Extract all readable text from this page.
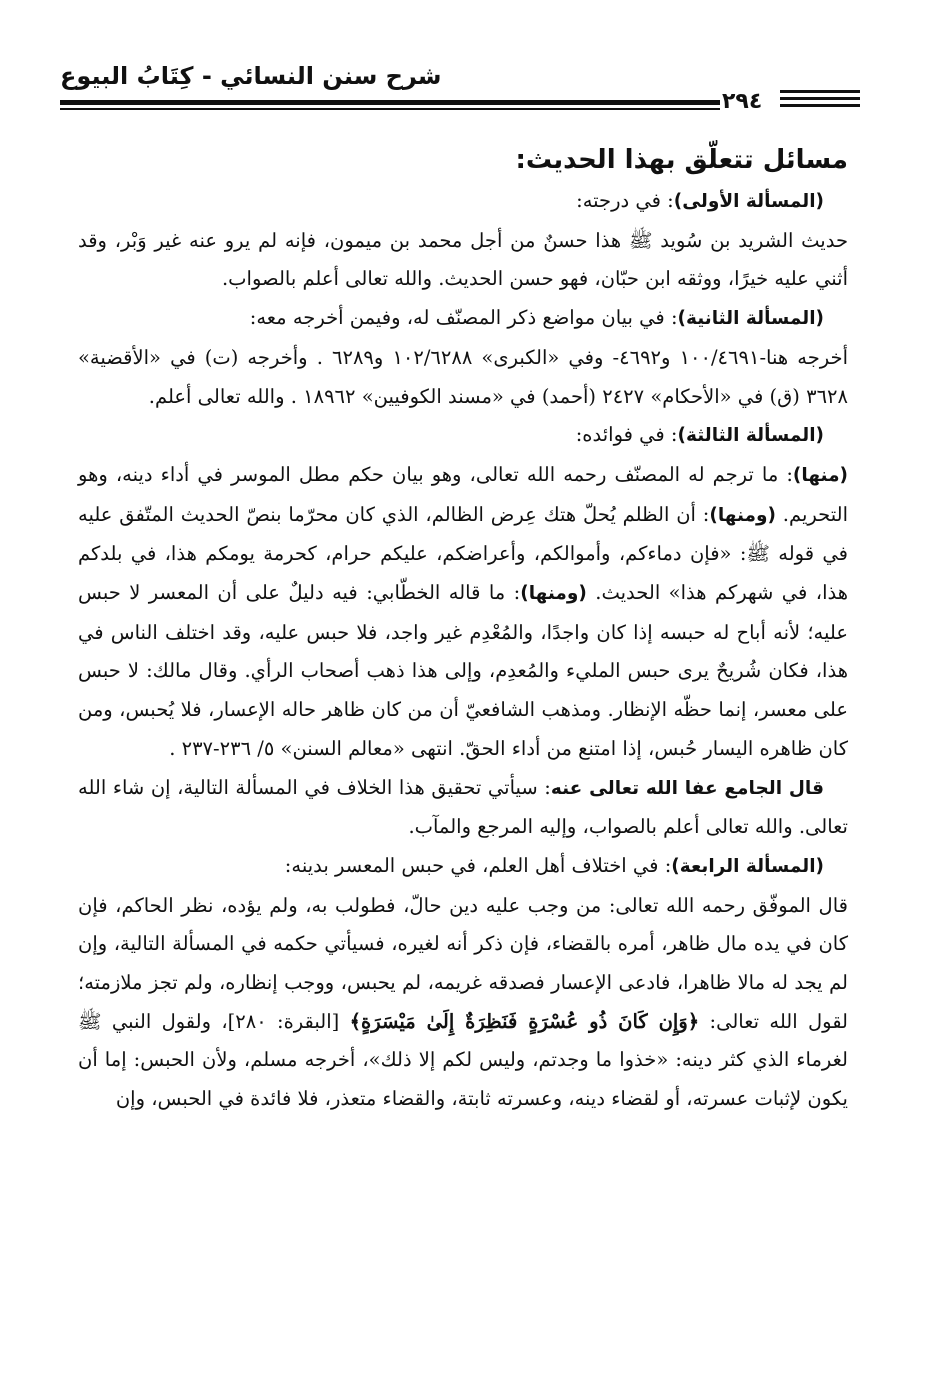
شرح سنن النسائي - كِتَابُ البيوع
٢٩٤

مسائل تتعلّق بهذا الحديث:

(المسألة الأولى): في درجته:

حديث الشريد بن سُويد ﷺ هذا حسنٌ من أجل محمد بن ميمون، فإنه لم يرو عنه غير وَبْر، وقد أثني عليه خيرًا، ووثقه ابن حبّان، فهو حسن الحديث. والله تعالى أعلم بالصواب.

(المسألة الثانية): في بيان مواضع ذكر المصنّف له، وفيمن أخرجه معه:

أخرجه هنا-١٠٠/٤٦٩١ و٤٦٩٢- وفي «الكبرى» ١٠٢/٦٢٨٨ و٦٢٨٩ . وأخرجه (ت) في «الأقضية» ٣٦٢٨ (ق) في «الأحكام» ٢٤٢٧ (أحمد) في «مسند الكوفيين» ١٨٩٦٢ . والله تعالى أعلم.

(المسألة الثالثة): في فوائده:

(منها): ما ترجم له المصنّف رحمه الله تعالى، وهو بيان حكم مطل الموسر في أداء دينه، وهو التحريم. (ومنها): أن الظلم يُحلّ هتك عِرض الظالم، الذي كان محرّما بنصّ الحديث المتّفق عليه في قوله ﷺ: «فإن دماءكم، وأموالكم، وأعراضكم، عليكم حرام، كحرمة يومكم هذا، في بلدكم هذا، في شهركم هذا» الحديث. (ومنها): ما قاله الخطّابي: فيه دليلٌ على أن المعسر لا حبس عليه؛ لأنه أباح له حبسه إذا كان واجدًا، والمُعْدِم غير واجد، فلا حبس عليه، وقد اختلف الناس في هذا، فكان شُريحٌ يرى حبس المليء والمُعدِم، وإلى هذا ذهب أصحاب الرأي. وقال مالك: لا حبس على معسر، إنما حظّه الإنظار. ومذهب الشافعيّ أن من كان ظاهر حاله الإعسار، فلا يُحبس، ومن كان ظاهره اليسار حُبس، إذا امتنع من أداء الحقّ. انتهى «معالم السنن» ٥/ ٢٣٦-٢٣٧ .

قال الجامع عفا الله تعالى عنه: سيأتي تحقيق هذا الخلاف في المسألة التالية، إن شاء الله تعالى. والله تعالى أعلم بالصواب، وإليه المرجع والمآب.

(المسألة الرابعة): في اختلاف أهل العلم، في حبس المعسر بدينه:

قال الموفّق رحمه الله تعالى: من وجب عليه دين حالّ، فطولب به، ولم يؤده، نظر الحاكم، فإن كان في يده مال ظاهر، أمره بالقضاء، فإن ذكر أنه لغيره، فسيأتي حكمه في المسألة التالية، وإن لم يجد له مالا ظاهرا، فادعى الإعسار فصدقه غريمه، لم يحبس، ووجب إنظاره، ولم تجز ملازمته؛ لقول الله تعالى: ﴿وَإِن كَانَ ذُو عُسْرَةٍ فَنَظِرَةٌ إِلَىٰ مَيْسَرَةٍ﴾ [البقرة: ٢٨٠]، ولقول النبي ﷺ لغرماء الذي كثر دينه: «خذوا ما وجدتم، وليس لكم إلا ذلك»، أخرجه مسلم، ولأن الحبس: إما أن يكون لإثبات عسرته، أو لقضاء دينه، وعسرته ثابتة، والقضاء متعذر، فلا فائدة في الحبس، وإن
